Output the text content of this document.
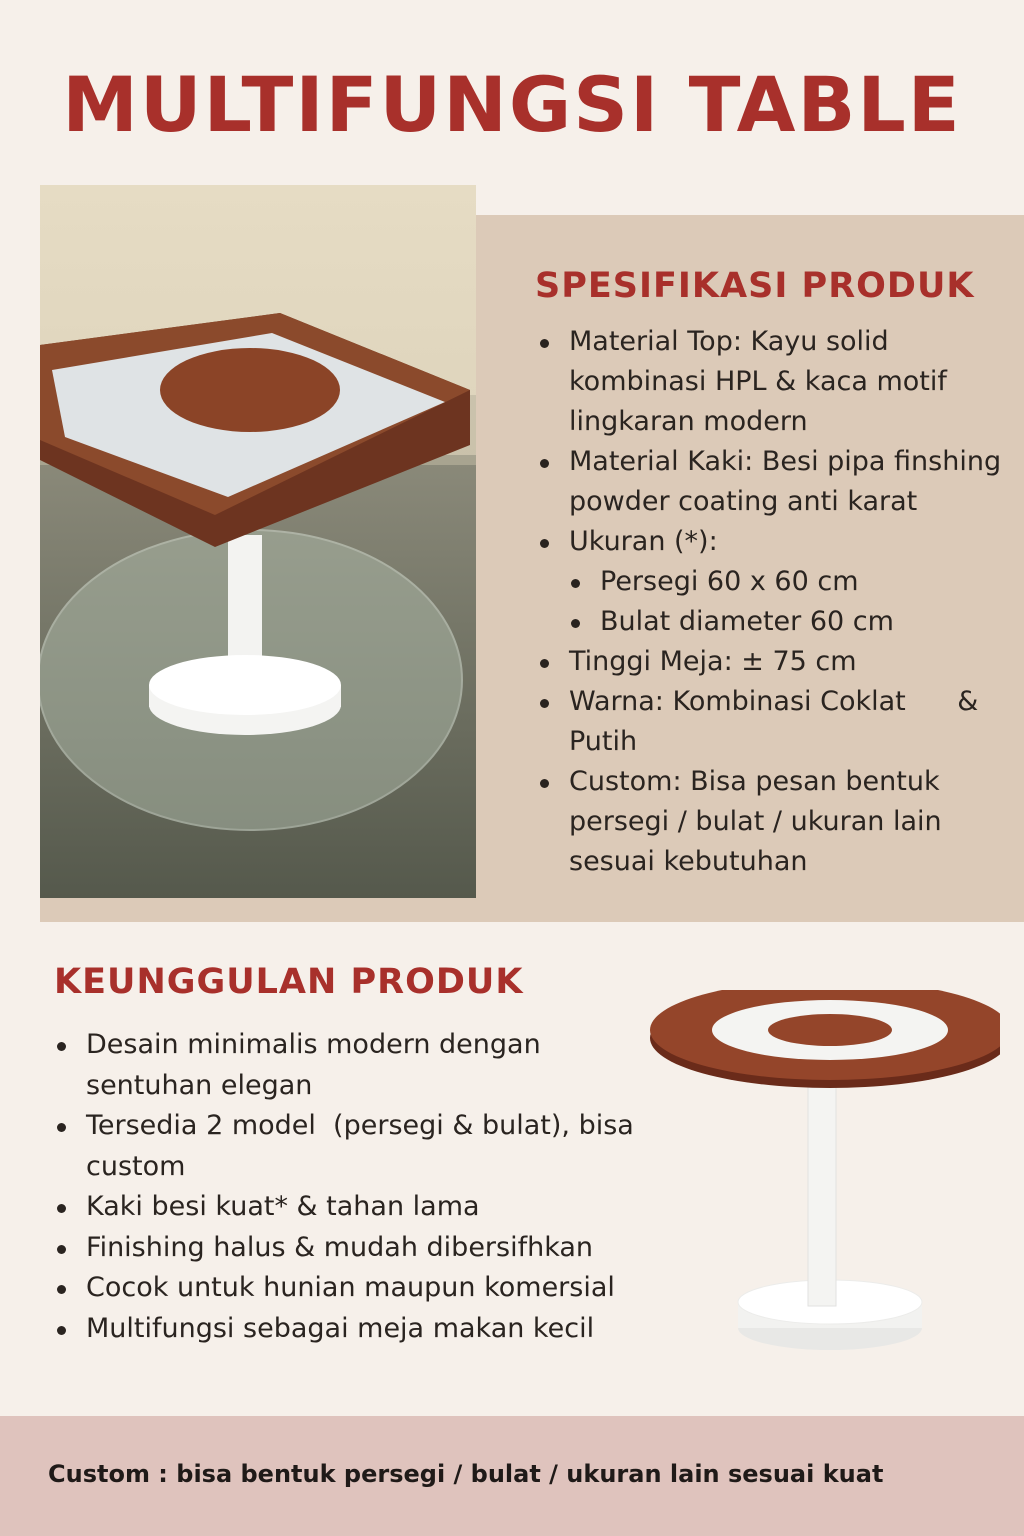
MULTIFUNGSI TABLE
SPESIFIKASI PRODUK
Material Top: Kayu solid kombinasi HPL & kaca motif lingkaran modern
Material Kaki: Besi pipa finshing powder coating anti karat
Ukuran (*):
Persegi 60 x 60 cm
Bulat diameter 60 cm
Tinggi Meja: ± 75 cm
Warna: Kombinasi Coklat      & Putih
Custom: Bisa pesan bentuk persegi / bulat / ukuran lain sesuai kebutuhan
KEUNGGULAN PRODUK
Desain minimalis modern dengan sentuhan elegan
Tersedia 2 model  (persegi & bulat), bisa custom
Kaki besi kuat* & tahan lama
Finishing halus & mudah dibersifhkan
Cocok untuk hunian maupun komersial
Multifungsi sebagai meja makan kecil

Custom : bisa bentuk persegi / bulat / ukuran lain sesuai kuat
